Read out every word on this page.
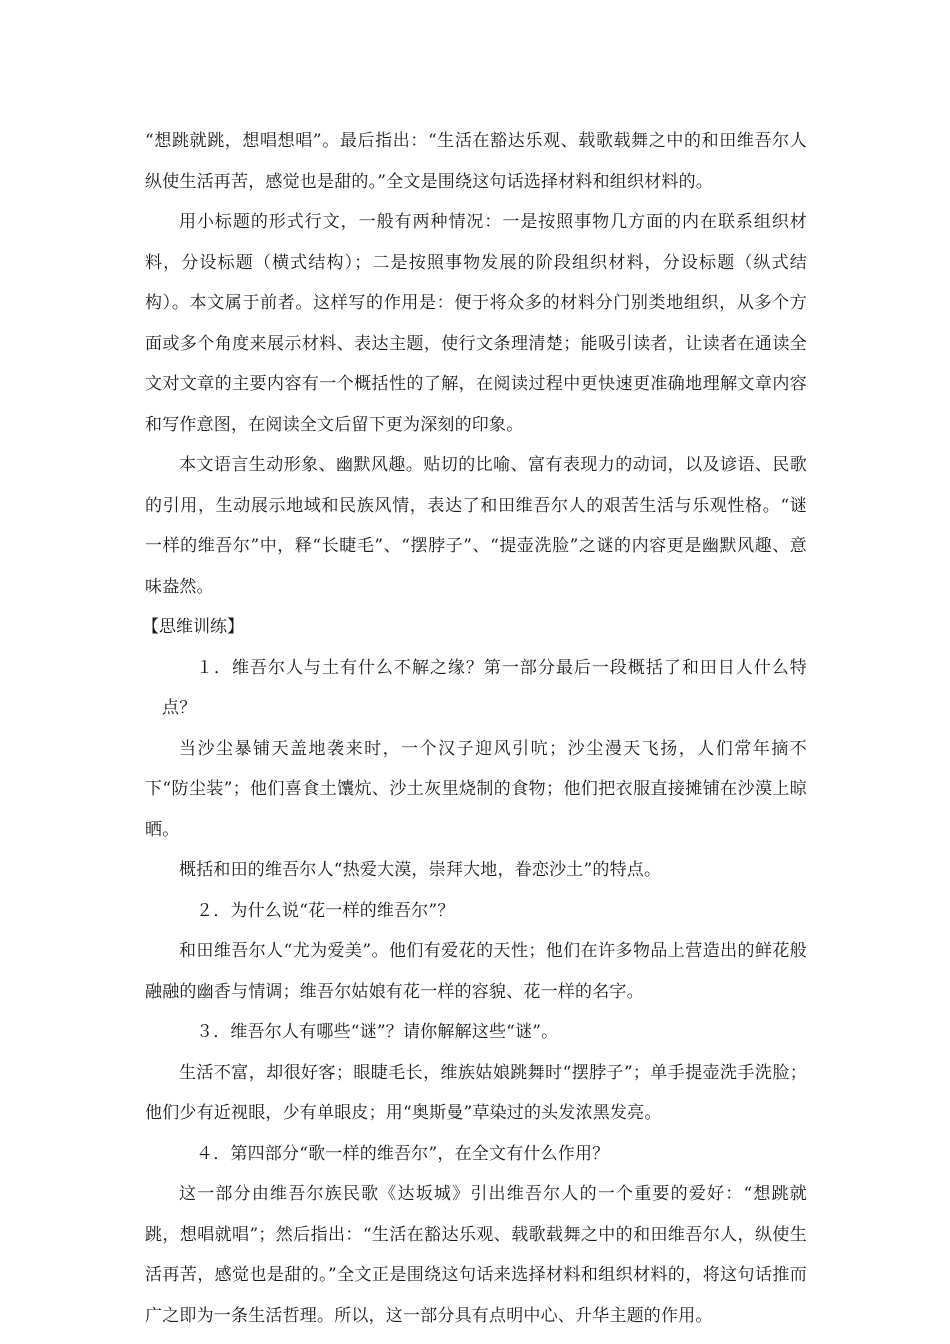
“想跳就跳，想唱想唱”。最后指出：“生活在豁达乐观、载歌载舞之中的和田维吾尔人纵使生活再苦，感觉也是甜的。”全文是围绕这句话选择材料和组织材料的。

用小标题的形式行文，一般有两种情况：一是按照事物几方面的内在联系组织材料，分设标题（横式结构）；二是按照事物发展的阶段组织材料，分设标题（纵式结构）。本文属于前者。这样写的作用是：便于将众多的材料分门别类地组织，从多个方面或多个角度来展示材料、表达主题，使行文条理清楚；能吸引读者，让读者在通读全文对文章的主要内容有一个概括性的了解，在阅读过程中更快速更准确地理解文章内容和写作意图，在阅读全文后留下更为深刻的印象。

本文语言生动形象、幽默风趣。贴切的比喻、富有表现力的动词，以及谚语、民歌的引用，生动展示地域和民族风情，表达了和田维吾尔人的艰苦生活与乐观性格。“谜一样的维吾尔”中，释“长睫毛”、“摆脖子”、“提壶洗脸”之谜的内容更是幽默风趣、意味盎然。

【思维训练】

１．维吾尔人与土有什么不解之缘？第一部分最后一段概括了和田日人什么特点？

当沙尘暴铺天盖地袭来时，一个汉子迎风引吭；沙尘漫天飞扬，人们常年摘不下“防尘装”；他们喜食土馕炕、沙土灰里烧制的食物；他们把衣服直接摊铺在沙漠上晾晒。

概括和田的维吾尔人“热爱大漠，崇拜大地，眷恋沙土”的特点。

２．为什么说“花一样的维吾尔”？

和田维吾尔人“尤为爱美”。他们有爱花的天性；他们在许多物品上营造出的鲜花般融融的幽香与情调；维吾尔姑娘有花一样的容貌、花一样的名字。

３．维吾尔人有哪些“谜”？请你解解这些“谜”。

生活不富，却很好客；眼睫毛长，维族姑娘跳舞时“摆脖子”；单手提壶洗手洗脸；他们少有近视眼，少有单眼皮；用“奥斯曼”草染过的头发浓黑发亮。

４．第四部分“歌一样的维吾尔”，在全文有什么作用？

这一部分由维吾尔族民歌《达坂城》引出维吾尔人的一个重要的爱好：“想跳就跳，想唱就唱”；然后指出：“生活在豁达乐观、载歌载舞之中的和田维吾尔人，纵使生活再苦，感觉也是甜的。”全文正是围绕这句话来选择材料和组织材料的，将这句话推而广之即为一条生活哲理。所以，这一部分具有点明中心、升华主题的作用。
